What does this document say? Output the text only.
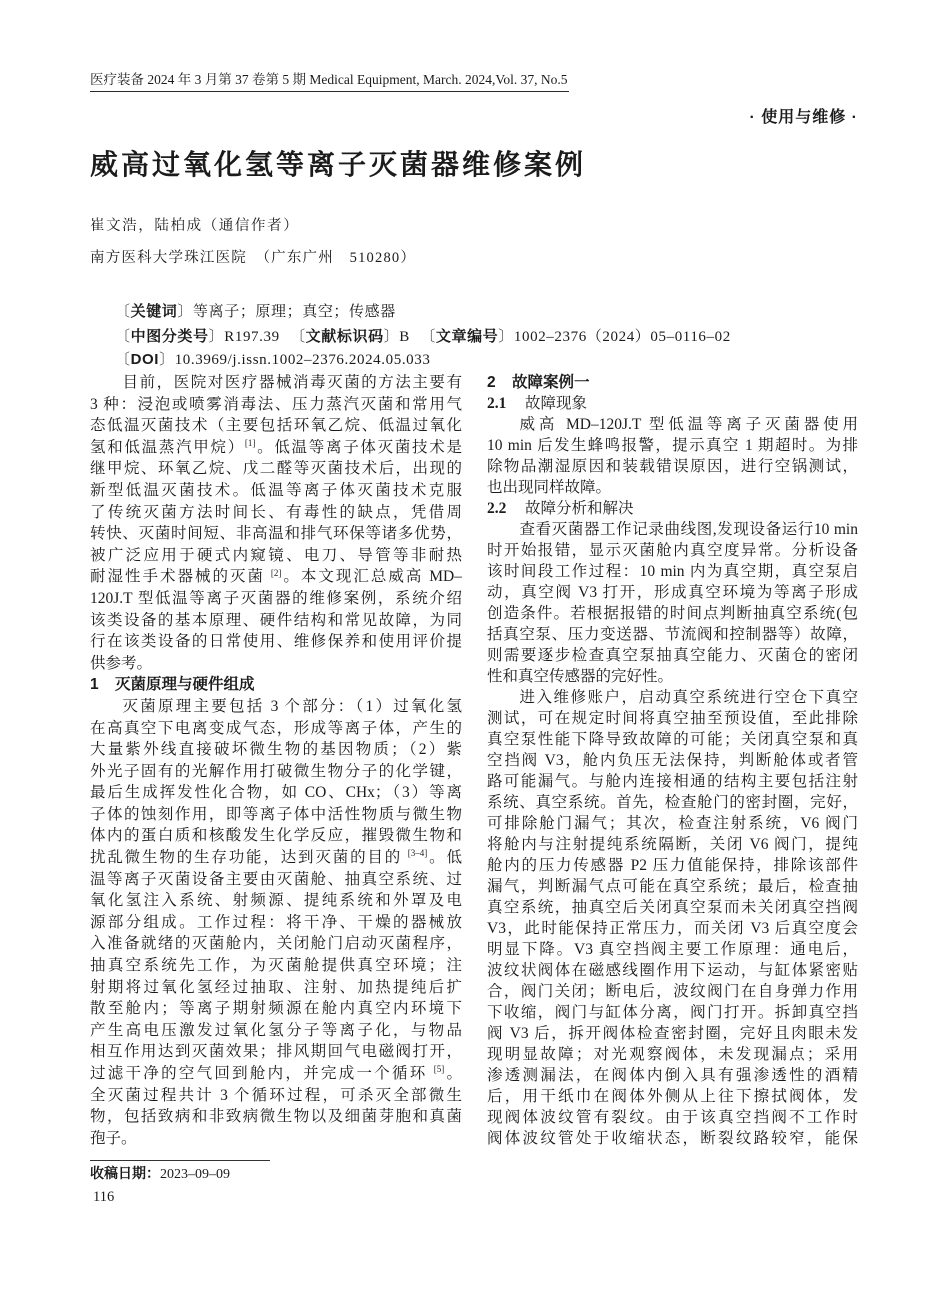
医疗装备 2024 年 3 月第 37 卷第 5 期 Medical Equipment, March. 2024,Vol. 37, No.5
· 使用与维修 ·
威高过氧化氢等离子灭菌器维修案例
崔文浩，陆柏成（通信作者）
南方医科大学珠江医院　（广东广州　510280）
〔关键词〕等离子；原理；真空；传感器
〔中图分类号〕R197.39 〔文献标识码〕B 〔文章编号〕1002–2376（2024）05–0116–02
〔DOI〕10.3969/j.issn.1002–2376.2024.05.033
目前，医院对医疗器械消毒灭菌的方法主要有
3 种：浸泡或喷雾消毒法、压力蒸汽灭菌和常用气
态低温灭菌技术（主要包括环氧乙烷、低温过氧化
氢和低温蒸汽甲烷）[1]。低温等离子体灭菌技术是
继甲烷、环氧乙烷、戊二醛等灭菌技术后，出现的
新型低温灭菌技术。低温等离子体灭菌技术克服
了传统灭菌方法时间长、有毒性的缺点，凭借周
转快、灭菌时间短、非高温和排气环保等诸多优势，
被广泛应用于硬式内窥镜、电刀、导管等非耐热
耐湿性手术器械的灭菌 [2]。本文现汇总威高 MD–
120J.T 型低温等离子灭菌器的维修案例，系统介绍
该类设备的基本原理、硬件结构和常见故障，为同
行在该类设备的日常使用、维修保养和使用评价提
供参考。
1 灭菌原理与硬件组成
灭菌原理主要包括 3 个部分：（1）过氧化氢
在高真空下电离变成气态，形成等离子体，产生的
大量紫外线直接破坏微生物的基因物质；（2）紫
外光子固有的光解作用打破微生物分子的化学键，
最后生成挥发性化合物，如 CO、CHx；（3）等离
子体的蚀刻作用，即等离子体中活性物质与微生物
体内的蛋白质和核酸发生化学反应，摧毁微生物和
扰乱微生物的生存功能，达到灭菌的目的 [3–4]。低
温等离子灭菌设备主要由灭菌舱、抽真空系统、过
氧化氢注入系统、射频源、提纯系统和外罩及电
源部分组成。工作过程：将干净、干燥的器械放
入准备就绪的灭菌舱内，关闭舱门启动灭菌程序，
抽真空系统先工作，为灭菌舱提供真空环境；注
射期将过氧化氢经过抽取、注射、加热提纯后扩
散至舱内；等离子期射频源在舱内真空内环境下
产生高电压激发过氧化氢分子等离子化，与物品
相互作用达到灭菌效果；排风期回气电磁阀打开，
过滤干净的空气回到舱内，并完成一个循环 [5]。
全灭菌过程共计 3 个循环过程，可杀灭全部微生
物，包括致病和非致病微生物以及细菌芽胞和真菌
孢子。
2 故障案例一
2.1 故障现象
威高 MD–120J.T 型低温等离子灭菌器使用
10 min 后发生蜂鸣报警，提示真空 1 期超时。为排
除物品潮湿原因和装载错误原因，进行空锅测试，
也出现同样故障。
2.2 故障分析和解决
查看灭菌器工作记录曲线图,发现设备运行10 min
时开始报错，显示灭菌舱内真空度异常。分析设备
该时间段工作过程：10 min 内为真空期，真空泵启
动，真空阀 V3 打开，形成真空环境为等离子形成
创造条件。若根据报错的时间点判断抽真空系统(包
括真空泵、压力变送器、节流阀和控制器等）故障，
则需要逐步检查真空泵抽真空能力、灭菌仓的密闭
性和真空传感器的完好性。
进入维修账户，启动真空系统进行空仓下真空
测试，可在规定时间将真空抽至预设值，至此排除
真空泵性能下降导致故障的可能；关闭真空泵和真
空挡阀 V3，舱内负压无法保持，判断舱体或者管
路可能漏气。与舱内连接相通的结构主要包括注射
系统、真空系统。首先，检查舱门的密封圈，完好，
可排除舱门漏气；其次，检查注射系统，V6 阀门
将舱内与注射提纯系统隔断，关闭 V6 阀门，提纯
舱内的压力传感器 P2 压力值能保持，排除该部件
漏气，判断漏气点可能在真空系统；最后，检查抽
真空系统，抽真空后关闭真空泵而未关闭真空挡阀
V3，此时能保持正常压力，而关闭 V3 后真空度会
明显下降。V3 真空挡阀主要工作原理：通电后，
波纹状阀体在磁感线圈作用下运动，与缸体紧密贴
合，阀门关闭；断电后，波纹阀门在自身弹力作用
下收缩，阀门与缸体分离，阀门打开。拆卸真空挡
阀 V3 后，拆开阀体检查密封圈，完好且肉眼未发
现明显故障；对光观察阀体，未发现漏点；采用
渗透测漏法，在阀体内倒入具有强渗透性的酒精
后，用干纸巾在阀体外侧从上往下擦拭阀体，发
现阀体波纹管有裂纹。由于该真空挡阀不工作时
阀体波纹管处于收缩状态，断裂纹路较窄，能保
收稿日期：2023–09–09
116
